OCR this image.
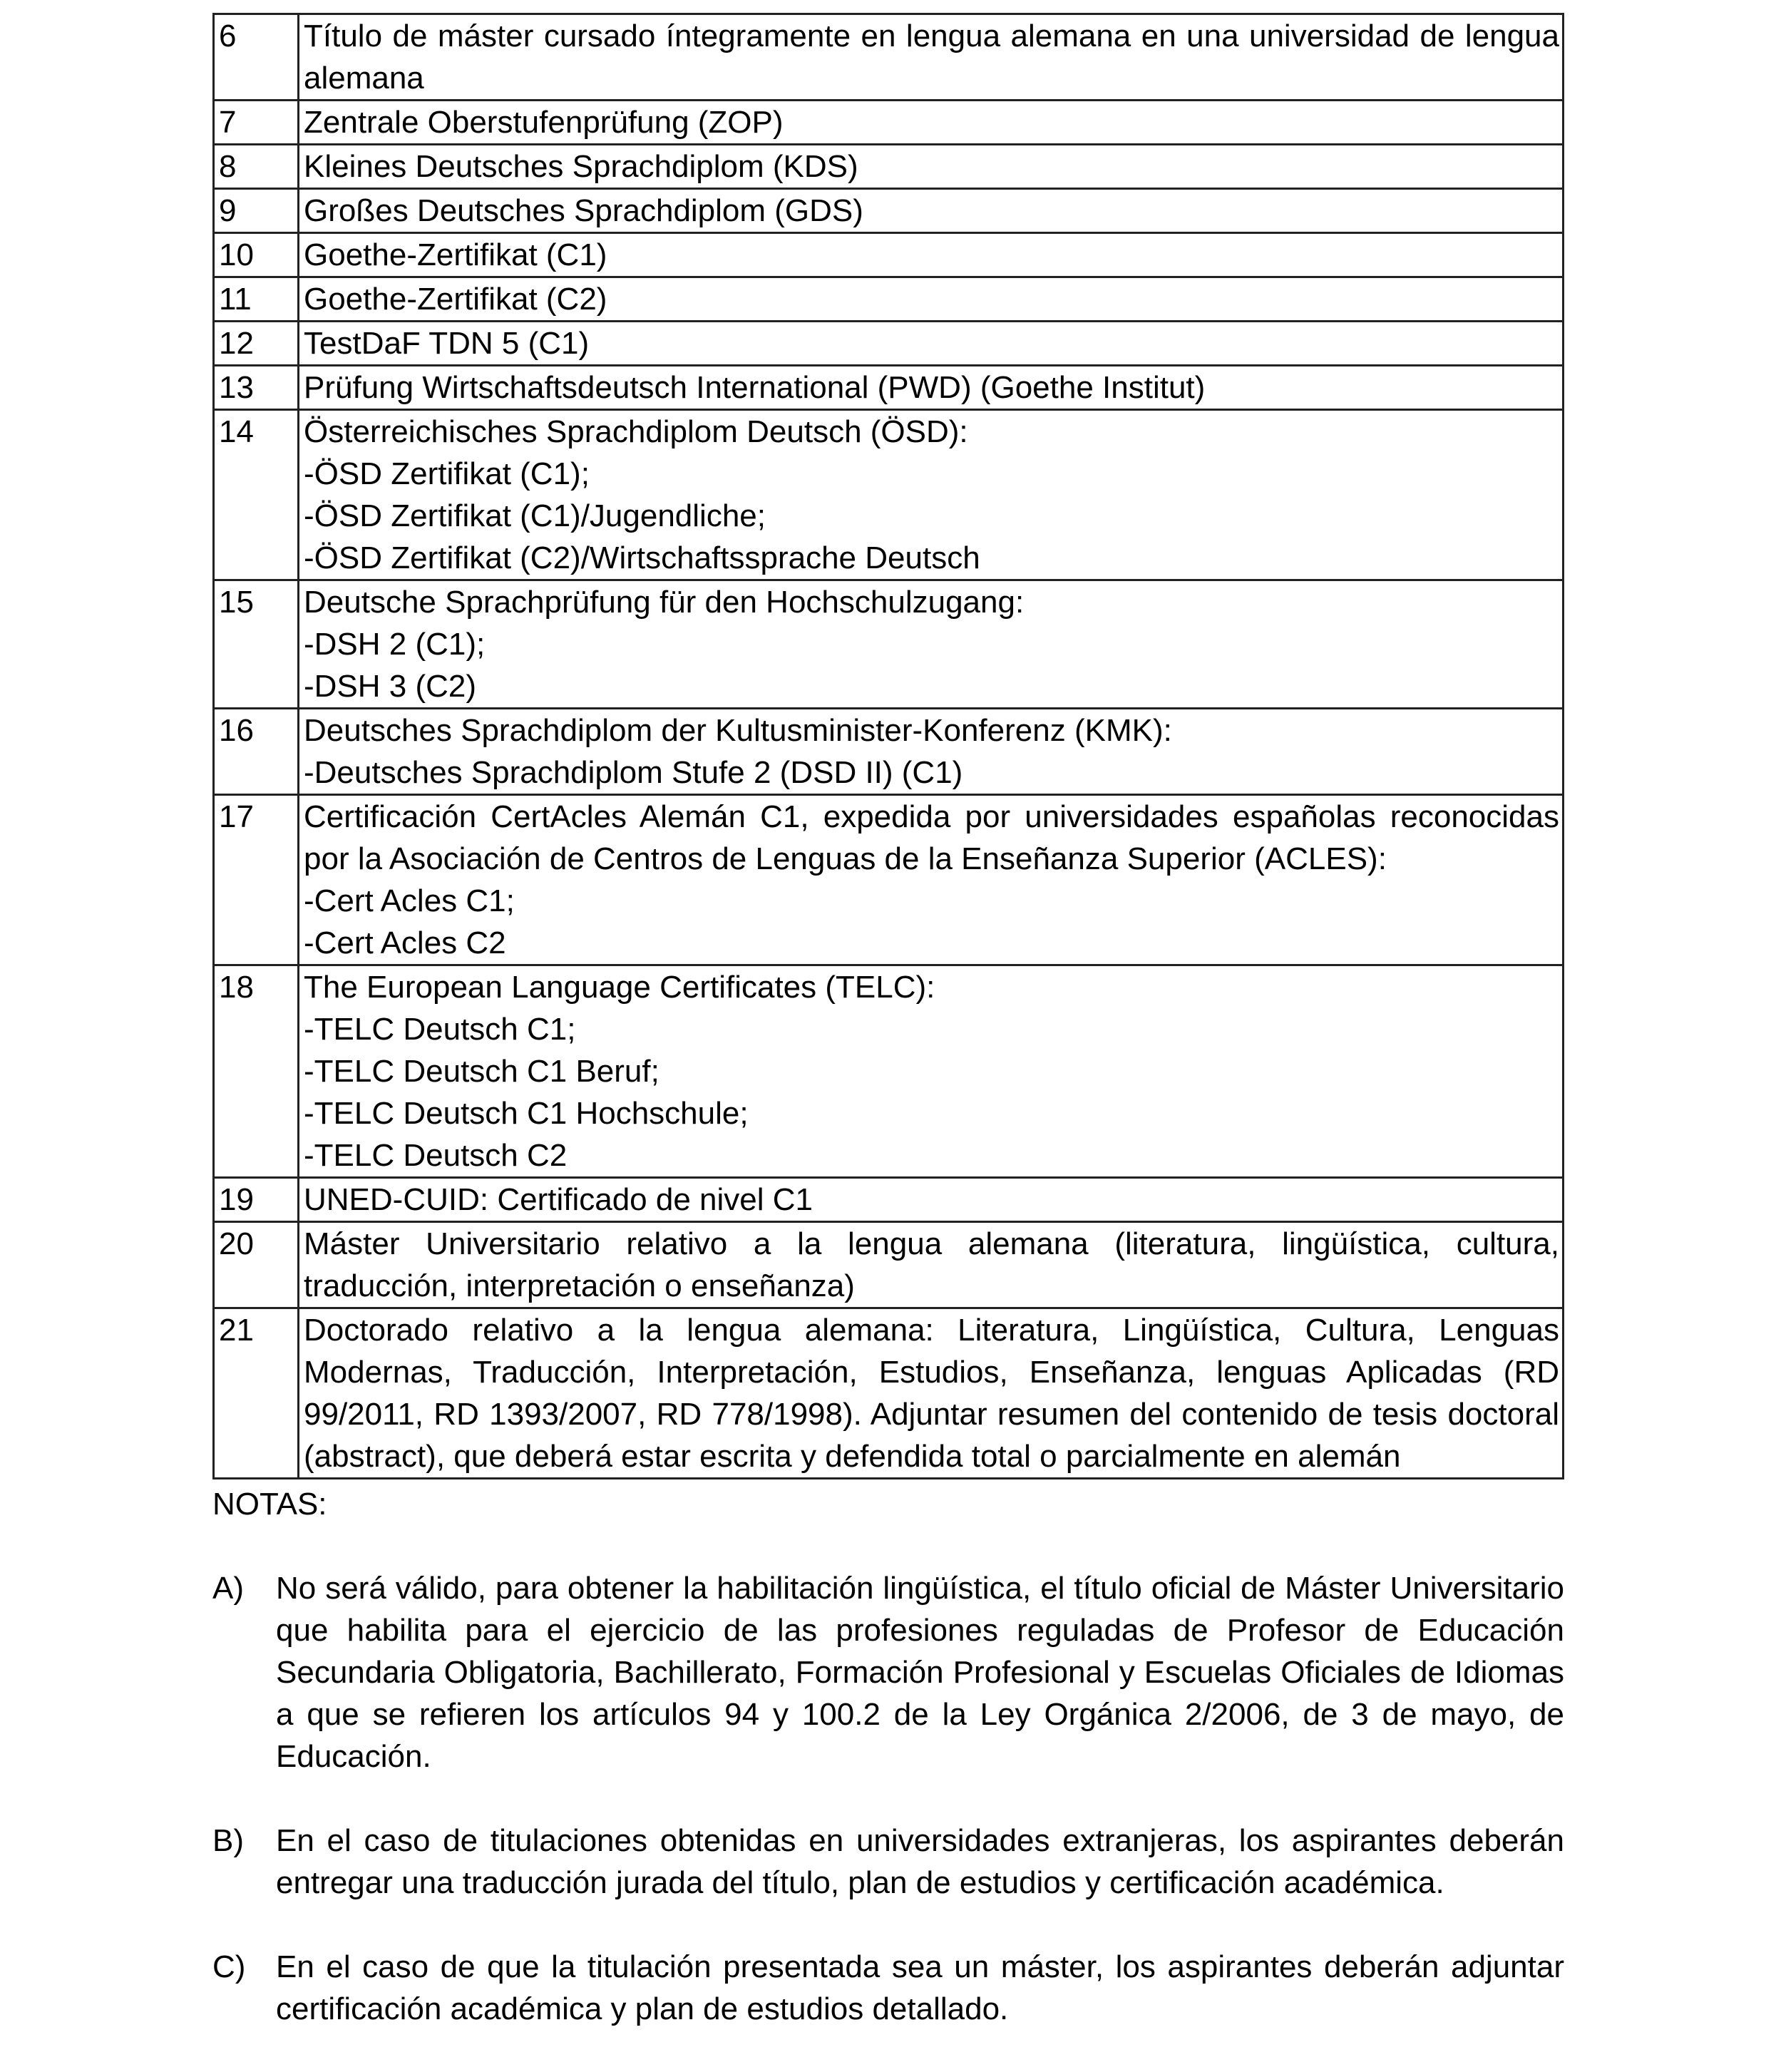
6	Título de máster cursado íntegramente en lengua alemana en una universidad de lengua alemana

7	Zentrale Oberstufenprüfung (ZOP)

8	Kleines Deutsches Sprachdiplom (KDS)

9	Großes Deutsches Sprachdiplom (GDS)

10	Goethe-Zertifikat (C1)

11	Goethe-Zertifikat (C2)

12	TestDaF TDN 5 (C1)

13	Prüfung Wirtschaftsdeutsch International (PWD) (Goethe Institut)

14	Österreichisches Sprachdiplom Deutsch (ÖSD):
-ÖSD Zertifikat (C1);
-ÖSD Zertifikat (C1)/Jugendliche;
-ÖSD Zertifikat (C2)/Wirtschaftssprache Deutsch

15	Deutsche Sprachprüfung für den Hochschulzugang:
-DSH 2 (C1);
-DSH 3 (C2)

16	Deutsches Sprachdiplom der Kultusminister-Konferenz (KMK):
-Deutsches Sprachdiplom Stufe 2 (DSD II) (C1)

17	Certificación CertAcles Alemán C1, expedida por universidades españolas reconocidas por la Asociación de Centros de Lenguas de la Enseñanza Superior (ACLES):
-Cert Acles C1;
-Cert Acles C2

18	The European Language Certificates (TELC):
-TELC Deutsch C1;
-TELC Deutsch C1 Beruf;
-TELC Deutsch C1 Hochschule;
-TELC Deutsch C2

19	UNED-CUID: Certificado de nivel C1

20	Máster Universitario relativo a la lengua alemana (literatura, lingüística, cultura, traducción, interpretación o enseñanza)

21	Doctorado relativo a la lengua alemana: Literatura, Lingüística, Cultura, Lenguas Modernas, Traducción, Interpretación, Estudios, Enseñanza, lenguas Aplicadas (RD 99/2011, RD 1393/2007, RD 778/1998). Adjuntar resumen del contenido de tesis doctoral (abstract), que deberá estar escrita y defendida total o parcialmente en alemán

NOTAS:

A)	No será válido, para obtener la habilitación lingüística, el título oficial de Máster Universitario que habilita para el ejercicio de las profesiones reguladas de Profesor de Educación Secundaria Obligatoria, Bachillerato, Formación Profesional y Escuelas Oficiales de Idiomas a que se refieren los artículos 94 y 100.2 de la Ley Orgánica 2/2006, de 3 de mayo, de Educación.
B)	En el caso de titulaciones obtenidas en universidades extranjeras, los aspirantes deberán entregar una traducción jurada del título, plan de estudios y certificación académica.
C) En el caso de que la titulación presentada sea un máster, los aspirantes deberán adjuntar certificación académica y plan de estudios detallado.
